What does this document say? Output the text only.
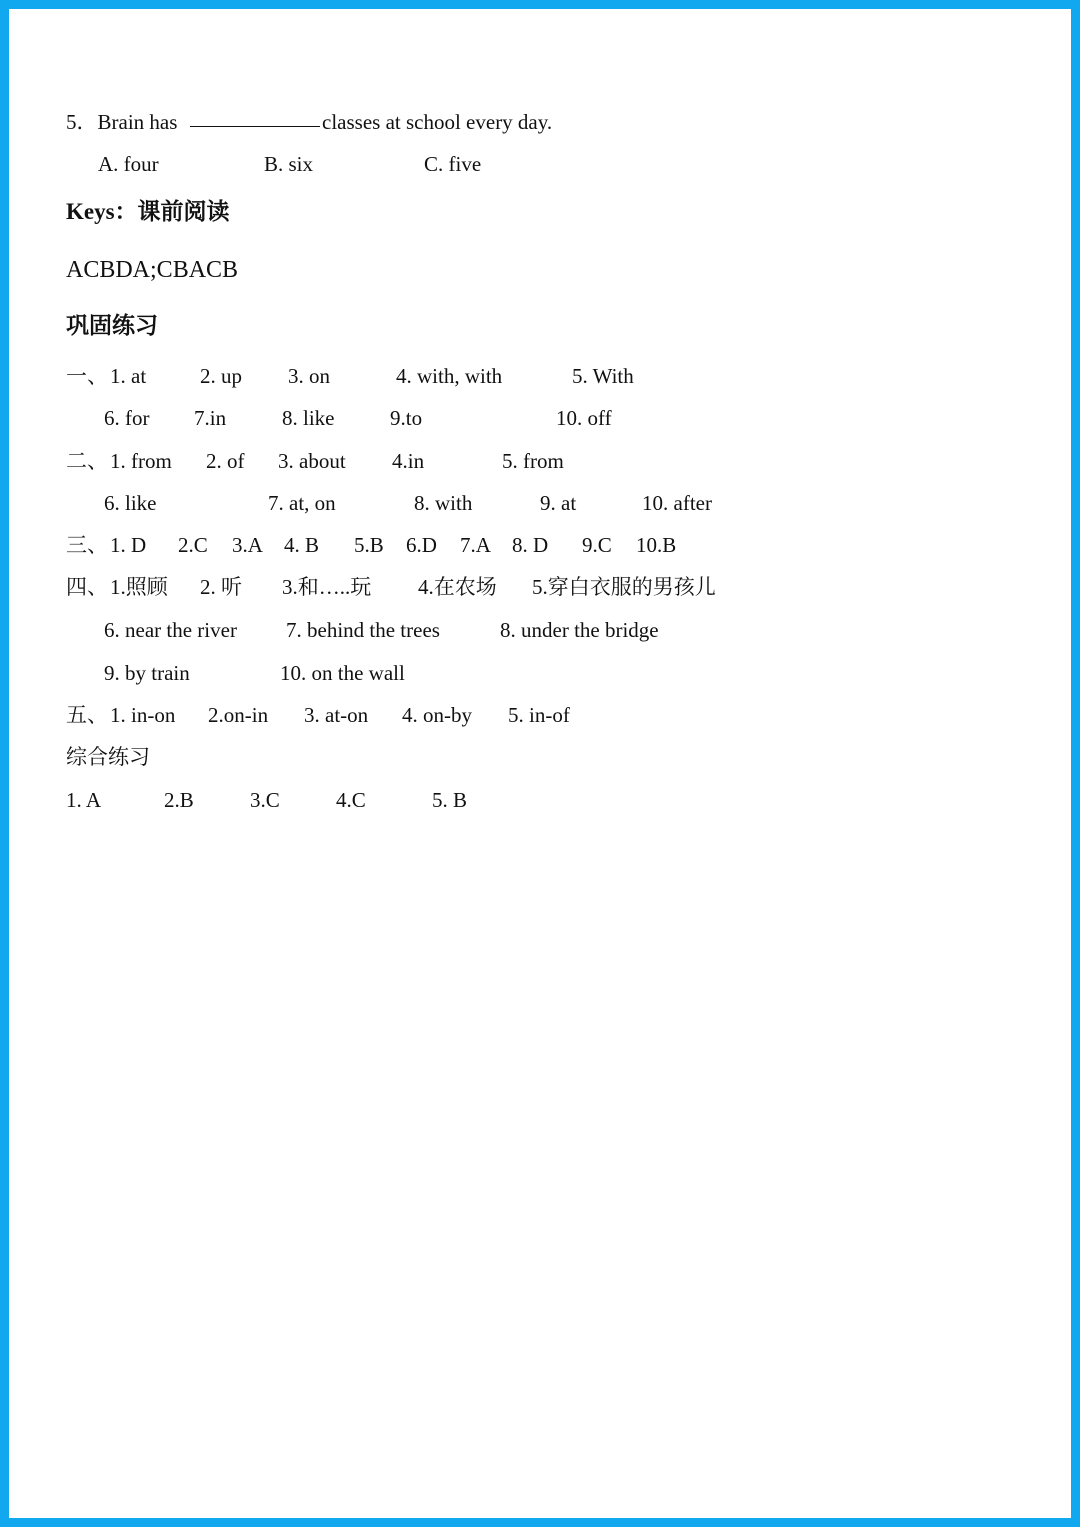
5．Brain has	classes at school every day.
A. four	B. six	C. five
Keys：课前阅读
ACBDA;CBACB
巩固练习
一、 1. at	2. up 3. on	4. with, with	5. With
6. for 7.in	8. like	9.to	10. off
二、 1. from 2. of 3. about 4.in	5. from
6. like	7. at, on	8. with	9. at	10. after
三、 1. D 2.C 3.A 4. B 5.B 6.D 7.A 8. D 9.C 10.B
四、 1.照顾 2. 听 3.和…..玩 4.在农场 5.穿白衣服的男孩儿
6. near the river 7. behind the trees	8. under the bridge
9. by train	10. on the wall
五、 1. in-on 2.on-in 3. at-on 4. on-by 5. in-of
综合练习
1. A	2.B	3.C	4.C	5. B
